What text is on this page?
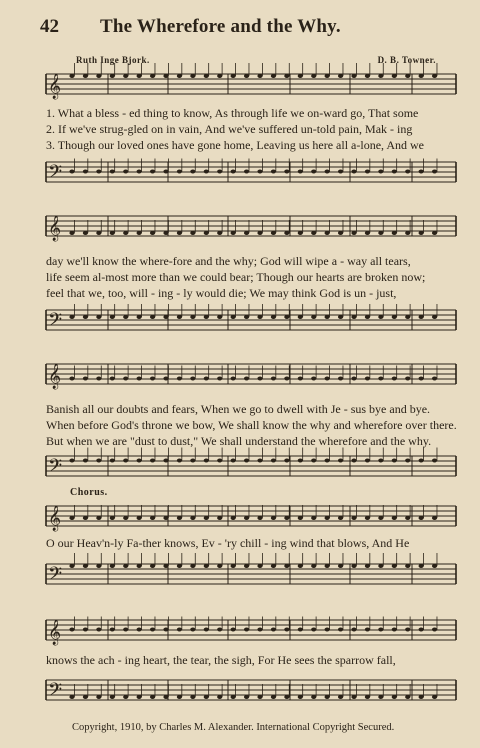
42 The Wherefore and the Why.
Ruth Inge Bjork.	D. B. Towner.
𝄞
1. What a bless - ed thing to know, As through life we on-ward go, That some
2. If we've strug-gled on in vain, And we've suffered un-told pain, Mak - ing
3. Though our loved ones have gone home, Leaving us here all a-lone, And we
𝄢
𝄞
day we'll know the where-fore and the why; God will wipe a - way all tears,
life seem al-most more than we could bear; Though our hearts are broken now;
feel that we, too, will - ing - ly would die; We may think God is un - just,
𝄢
𝄞
Banish all our doubts and fears, When we go to dwell with Je - sus bye and bye.
When before God's throne we bow, We shall know the why and wherefore over there.
But when we are "dust to dust," We shall understand the wherefore and the why.
𝄢
Chorus.
𝄞
O our Heav'n-ly Fa-ther knows, Ev - 'ry chill - ing wind that blows, And He
𝄢
𝄞
knows the ach - ing heart, the tear, the sigh, For He sees the sparrow fall,
𝄢
Copyright, 1910, by Charles M. Alexander. International Copyright Secured.
